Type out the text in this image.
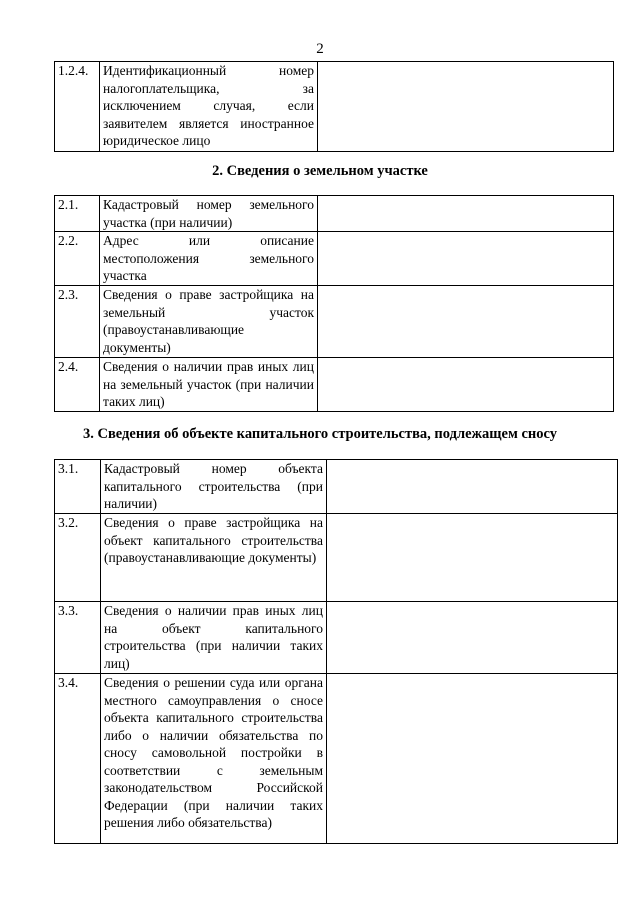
2
1.2.4.	Идентификационный номер налогоплательщика, за исключением случая, если заявителем является иностранное юридическое лицо	
2. Сведения о земельном участке
2.1.	Кадастровый номер земельного участка (при наличии)	
2.2.	Адрес или описание местоположения земельного участка	
2.3.	Сведения о праве застройщика на земельный участок (правоустанавливающие документы)	
2.4.	Сведения о наличии прав иных лиц на земельный участок (при наличии таких лиц)	
3. Сведения об объекте капитального строительства, подлежащем сносу
3.1.	Кадастровый номер объекта капитального строительства (при наличии)	
3.2.	Сведения о праве застройщика на объект капитального строительства (правоустанавливающие документы)	
3.3.	Сведения о наличии прав иных лиц на объект капитального строительства (при наличии таких лиц)	
3.4.	Сведения о решении суда или органа местного самоуправления о сносе объекта капитального строительства либо о наличии обязательства по сносу самовольной постройки в соответствии с земельным законодательством Российской Федерации (при наличии таких решения либо обязательства)	
